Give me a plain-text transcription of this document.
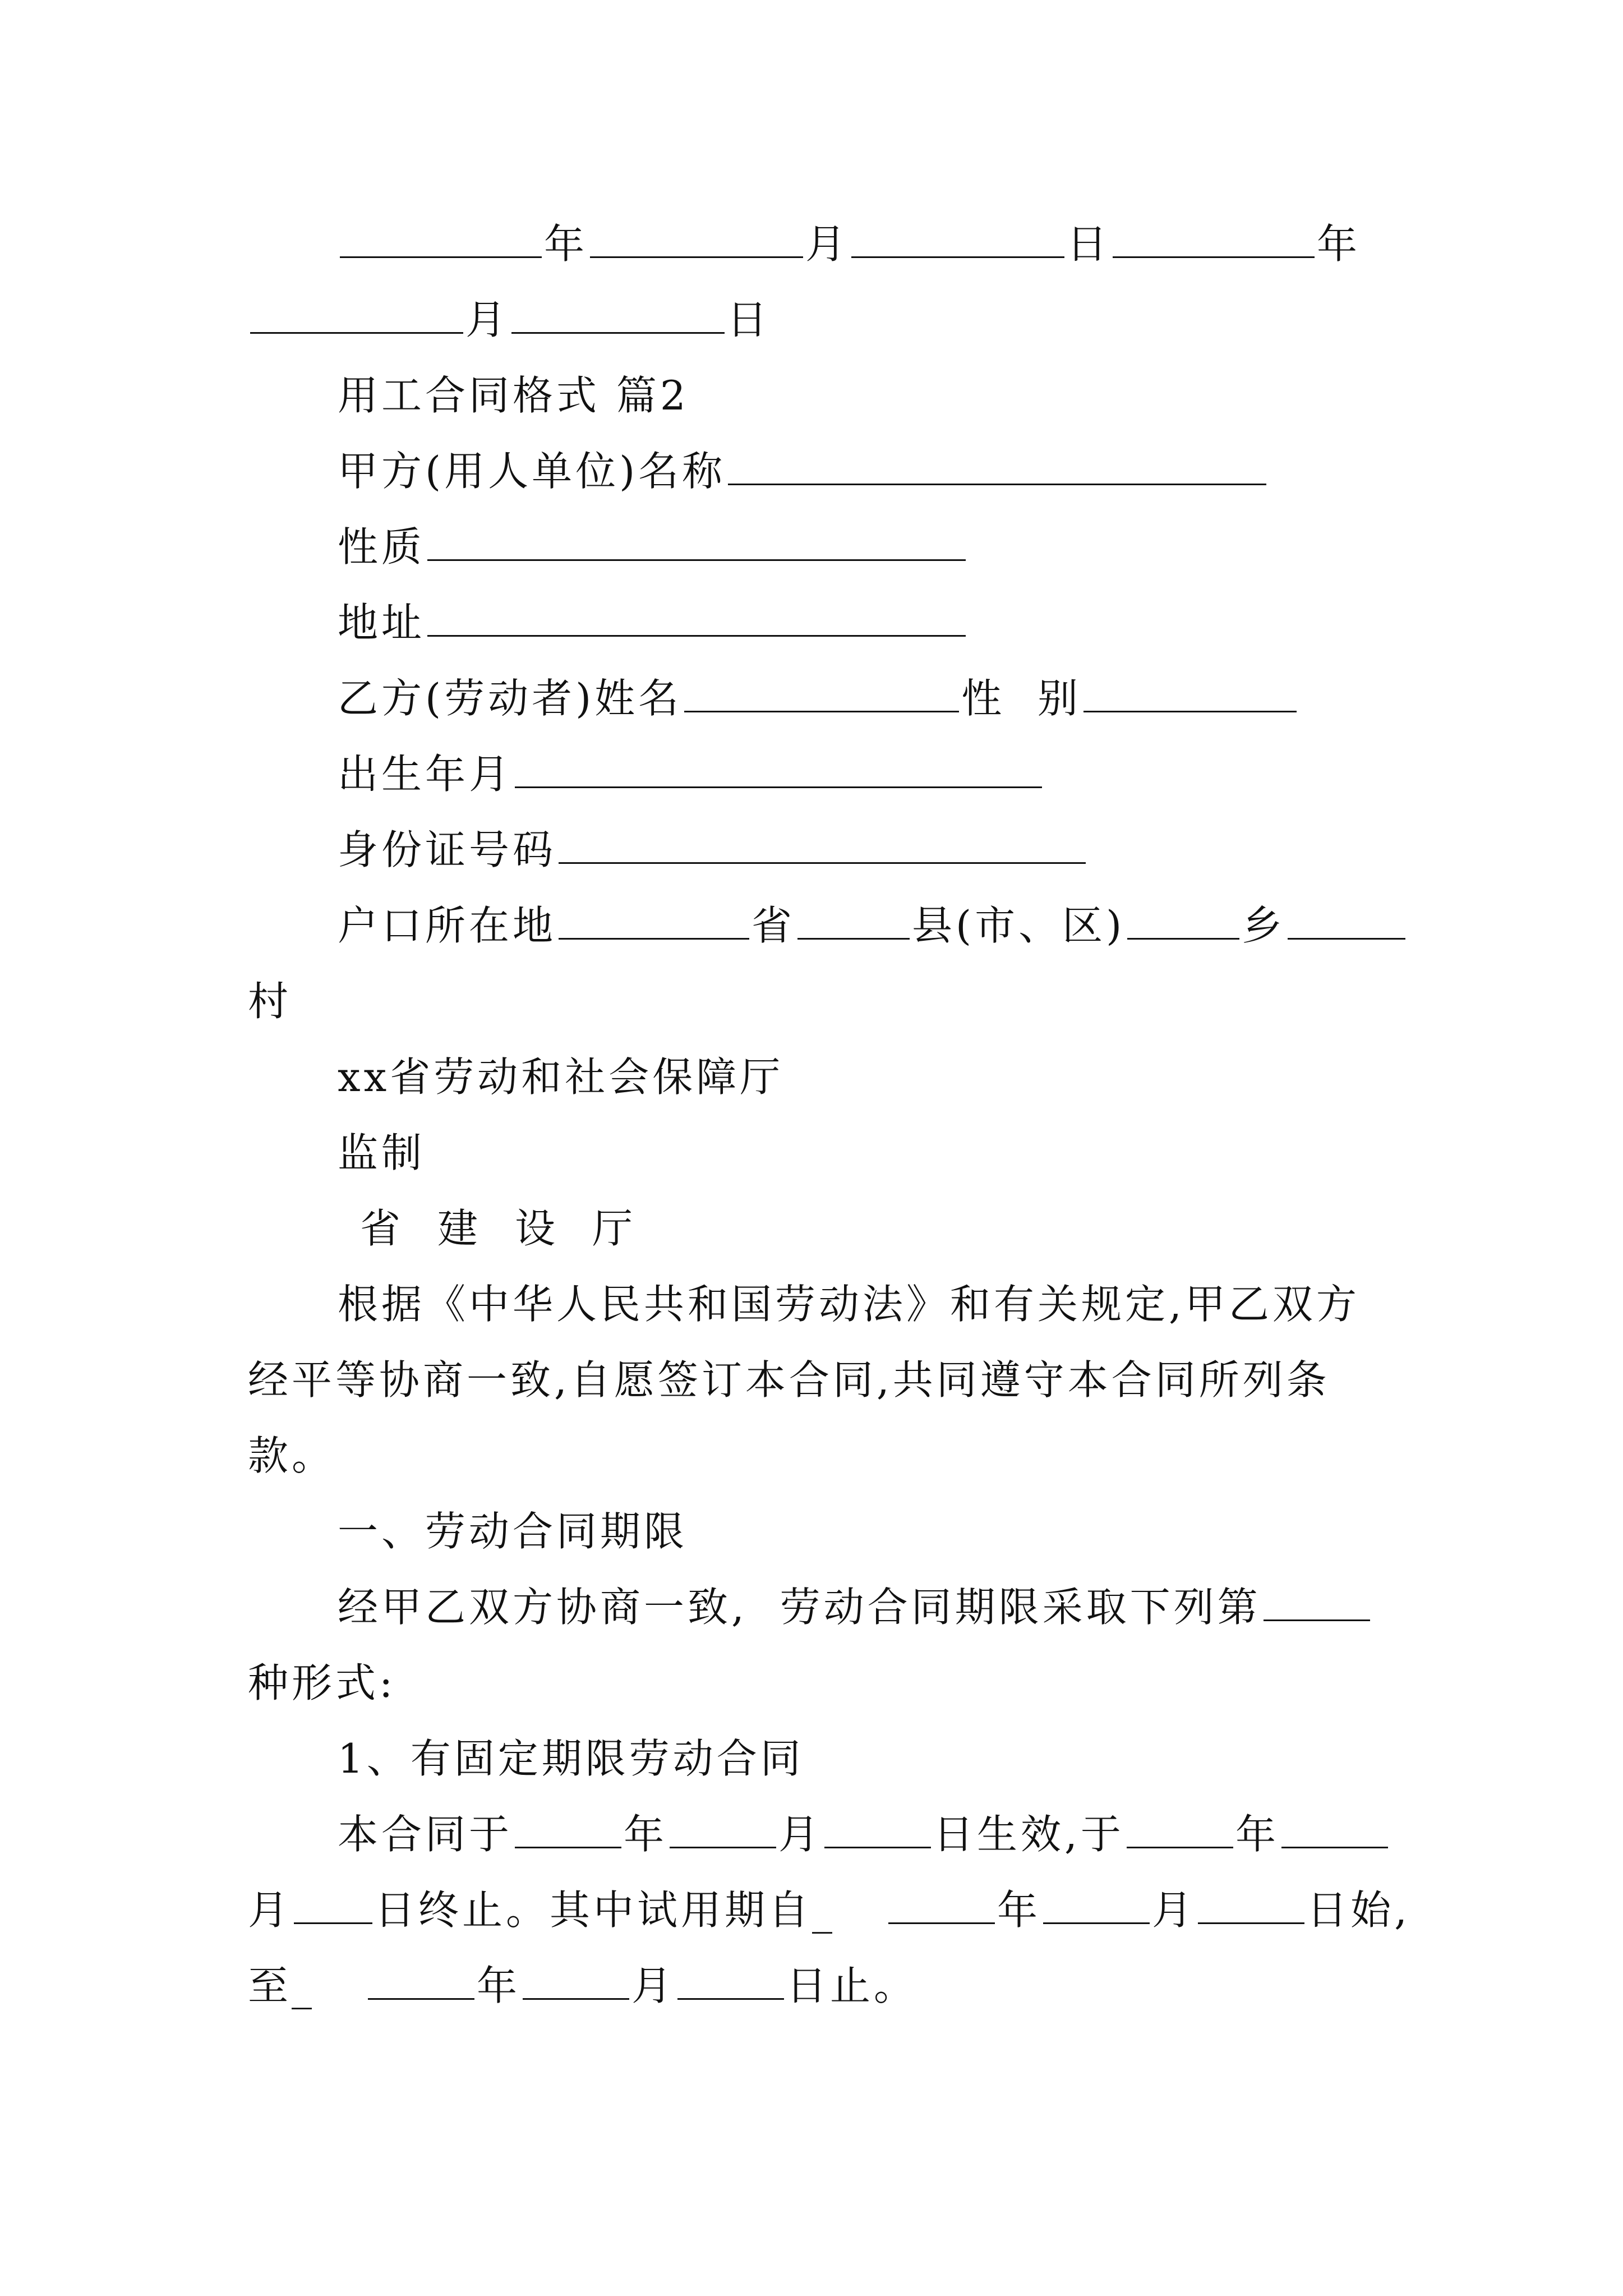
年	月	日	年
月	日
用工合同格式 篇2
甲方(用人单位)名称
性质
地址
乙方(劳动者)姓名	性  别
出生年月
身份证号码
户口所在地	省	县(市、区)	乡
村
xx省劳动和社会保障厅
监制
省 建 设 厅
根据《中华人民共和国劳动法》和有关规定,甲乙双方
经平等协商一致,自愿签订本合同,共同遵守本合同所列条
款。
一、劳动合同期限
经甲乙双方协商一致,  劳动合同期限采取下列第
种形式:
1、有固定期限劳动合同
本合同于	年	月	日生效,于	年
月 日终止。其中试用期自_	年	月	日始,
至_	年	月	日止。
